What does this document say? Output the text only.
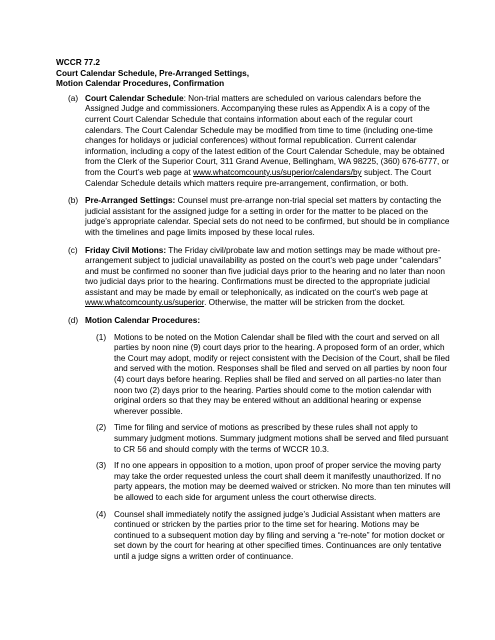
WCCR 77.2
Court Calendar Schedule, Pre-Arranged Settings,
Motion Calendar Procedures, Confirmation
(a) Court Calendar Schedule: Non-trial matters are scheduled on various calendars before the Assigned Judge and commissioners. Accompanying these rules as Appendix A is a copy of the current Court Calendar Schedule that contains information about each of the regular court calendars. The Court Calendar Schedule may be modified from time to time (including one-time changes for holidays or judicial conferences) without formal republication. Current calendar information, including a copy of the latest edition of the Court Calendar Schedule, may be obtained from the Clerk of the Superior Court, 311 Grand Avenue, Bellingham, WA 98225, (360) 676-6777, or from the Court’s web page at www.whatcomcounty.us/superior/calendars/by subject. The Court Calendar Schedule details which matters require pre-arrangement, confirmation, or both.

(b) Pre-Arranged Settings: Counsel must pre-arrange non-trial special set matters by contacting the judicial assistant for the assigned judge for a setting in order for the matter to be placed on the judge’s appropriate calendar. Special sets do not need to be confirmed, but should be in compliance with the timelines and page limits imposed by these local rules.

(c) Friday Civil Motions: The Friday civil/probate law and motion settings may be made without pre-arrangement subject to judicial unavailability as posted on the court’s web page under “calendars” and must be confirmed no sooner than five judicial days prior to the hearing and no later than noon two judicial days prior to the hearing. Confirmations must be directed to the appropriate judicial assistant and may be made by email or telephonically, as indicated on the court’s web page at www.whatcomcounty.us/superior. Otherwise, the matter will be stricken from the docket.

(d) Motion Calendar Procedures:

(1) Motions to be noted on the Motion Calendar shall be filed with the court and served on all parties by noon nine (9) court days prior to the hearing. A proposed form of an order, which the Court may adopt, modify or reject consistent with the Decision of the Court, shall be filed and served with the motion. Responses shall be filed and served on all parties by noon four (4) court days before hearing. Replies shall be filed and served on all parties-no later than noon two (2) days prior to the hearing. Parties should come to the motion calendar with original orders so that they may be entered without an additional hearing or expense wherever possible.

(2) Time for filing and service of motions as prescribed by these rules shall not apply to summary judgment motions. Summary judgment motions shall be served and filed pursuant to CR 56 and should comply with the terms of WCCR 10.3.

(3) If no one appears in opposition to a motion, upon proof of proper service the moving party may take the order requested unless the court shall deem it manifestly unauthorized. If no party appears, the motion may be deemed waived or stricken. No more than ten minutes will be allowed to each side for argument unless the court otherwise directs.

(4) Counsel shall immediately notify the assigned judge’s Judicial Assistant when matters are continued or stricken by the parties prior to the time set for hearing. Motions may be continued to a subsequent motion day by filing and serving a “re-note” for motion docket or set down by the court for hearing at other specified times. Continuances are only tentative until a judge signs a written order of continuance.
